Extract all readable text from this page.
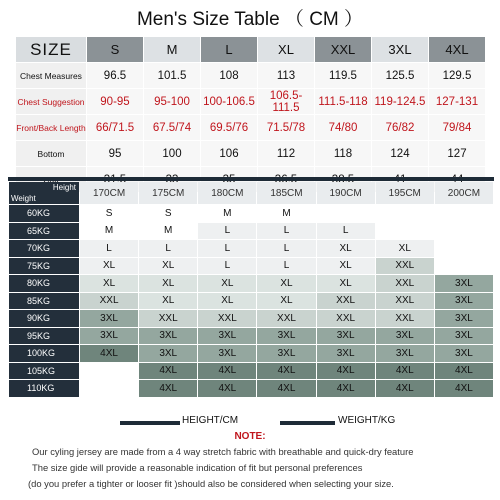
Men's Size Table （ CM ）
SIZE	S	M	L	XL	XXL	3XL	4XL
Chest Measures	96.5	101.5	108	113	119.5	125.5	129.5
Chest Suggestion	90-95	95-100	100-106.5	106.5-111.5	111.5-118	119-124.5	127-131
Front/Back Length	66/71.5	67.5/74	69.5/76	71.5/78	74/80	76/82	79/84
Bottom	95	100	106	112	118	124	127

Height
Weight	170CM	175CM	180CM	185CM	190CM	195CM	200CM
60KG	S	S	M	M			
65KG	M	M	L	L	L		
70KG	L	L	L	L	XL	XL	
75KG	XL	XL	L	L	XL	XXL	
80KG	XL	XL	XL	XL	XL	XXL	3XL
85KG	XXL	XL	XL	XL	XXL	XXL	3XL
90KG	3XL	XXL	XXL	XXL	XXL	XXL	3XL
95KG	3XL	3XL	3XL	3XL	3XL	3XL	3XL
100KG	4XL	3XL	3XL	3XL	3XL	3XL	3XL
105KG		4XL	4XL	4XL	4XL	4XL	4XL
110KG		4XL	4XL	4XL	4XL	4XL	4XL
HEIGHT/CM	WEIGHT/KG
NOTE:
Our cyling jersey are made from a 4 way stretch fabric with breathable and quick-dry feature
The size gide will provide a reasonable indication of fit but personal preferences
(do you prefer a tighter or looser fit )should also be considered when selecting your size.
